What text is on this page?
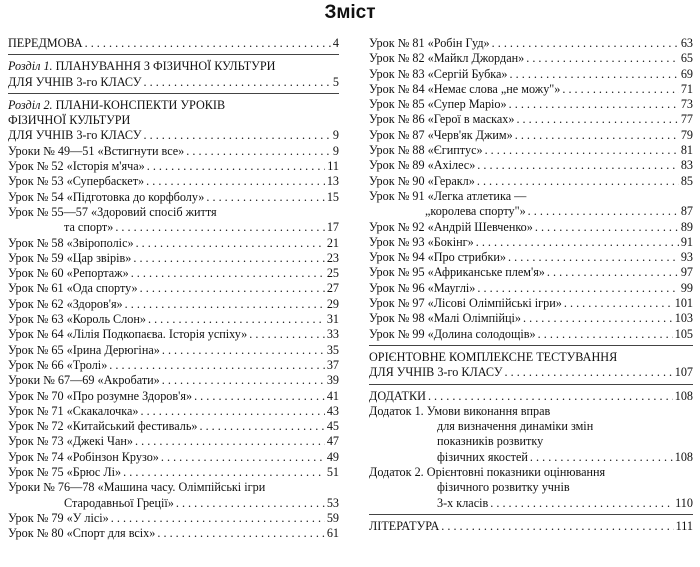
Зміст
ПЕРЕДМОВА . . .	4
Розділ 1. ПЛАНУВАННЯ З ФІЗИЧНОЇ КУЛЬТУРИ
ДЛЯ УЧНІВ 3-го КЛАСУ . . .	5
Розділ 2. ПЛАНИ-КОНСПЕКТИ УРОКІВ
ФІЗИЧНОЇ КУЛЬТУРИ
ДЛЯ УЧНІВ 3-го КЛАСУ . . .	9
Уроки № 49—51 «Встигнути все» . . .	9
Урок № 52 «Історія м'яча» . . .	11
Урок № 53 «Супербаскет» . . .	13
Урок № 54 «Підготовка до корфболу» . . .	15
Урок № 55—57 «Здоровий спосіб життя
та спорт» . . .	17
Урок № 58 «Звірополіс» . . .	21
Урок № 59 «Цар звірів» . . .	23
Урок № 60 «Репортаж» . . .	25
Урок № 61 «Ода спорту» . . .	27
Урок № 62 «Здоров'я» . . .	29
Урок № 63 «Король Слон» . . .	31
Урок № 64 «Лілія Подкопаєва. Історія успіху» . . .	33
Урок № 65 «Ірина Дерюгіна» . . .	35
Урок № 66 «Тролі» . . .	37
Уроки № 67—69 «Акробати» . . .	39
Урок № 70 «Про розумне Здоров'я» . . .	41
Урок № 71 «Скакалочка» . . .	43
Урок № 72 «Китайський фестиваль» . . .	45
Урок № 73 «Джекі Чан» . . .	47
Урок № 74 «Робінзон Крузо» . . .	49
Урок № 75 «Брюс Лі» . . .	51
Уроки № 76—78 «Машина часу. Олімпійські ігри
Стародавньої Греції» . . .	53
Урок № 79 «У лісі» . . .	59
Урок № 80 «Спорт для всіх» . . .	61
Урок № 81 «Робін Гуд» . . .	63
Урок № 82 «Майкл Джордан» . . .	65
Урок № 83 «Сергій Бубка» . . .	69
Урок № 84 «Немає слова „не можу"» . . .	71
Урок № 85 «Супер Маріо» . . .	73
Урок № 86 «Герої в масках» . . .	77
Урок № 87 «Черв'як Джим» . . .	79
Урок № 88 «Єгиптус» . . .	81
Урок № 89 «Ахілес» . . .	83
Урок № 90 «Геракл» . . .	85
Урок № 91 «Легка атлетика —
„королева спорту"» . . .	87
Урок № 92 «Андрій Шевченко» . . .	89
Урок № 93 «Бокінг» . . .	91
Урок № 94 «Про стрибки» . . .	93
Урок № 95 «Африканське плем'я» . . .	97
Урок № 96 «Мауглі» . . .	99
Урок № 97 «Лісові Олімпійські ігри» . . .	101
Урок № 98 «Малі Олімпійці» . . .	103
Урок № 99 «Долина солодощів» . . .	105
ОРІЄНТОВНЕ КОМПЛЕКСНЕ ТЕСТУВАННЯ
ДЛЯ УЧНІВ 3-го КЛАСУ . . .	107
ДОДАТКИ . . .	108
Додаток 1. Умови виконання вправ
для визначення динаміки змін
показників розвитку
фізичних якостей . . .	108
Додаток 2. Орієнтовні показники оцінювання
фізичного розвитку учнів
3-х класів . . .	110
ЛІТЕРАТУРА . . .	111
